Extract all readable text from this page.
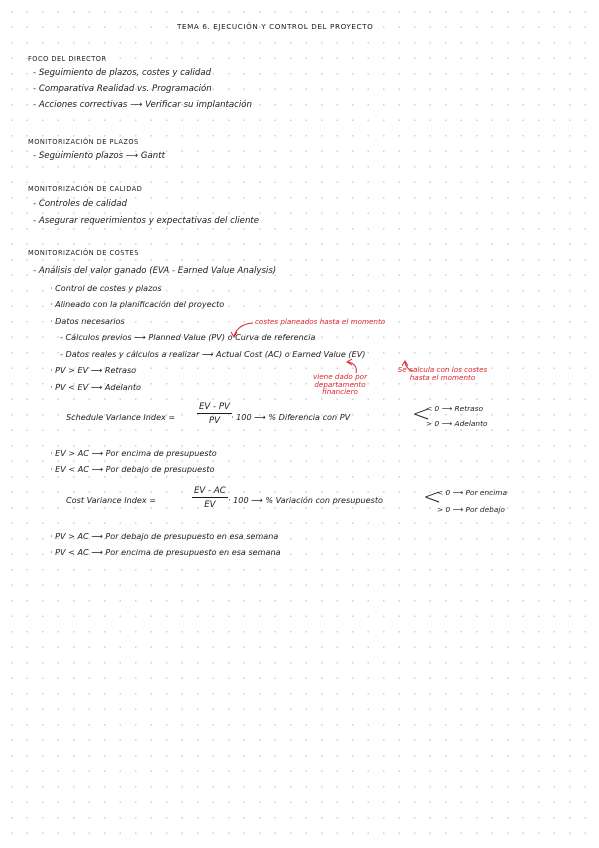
TEMA 6. EJECUCIÓN Y CONTROL DEL PROYECTO
FOCO DEL DIRECTOR
- Seguimiento de plazos, costes y calidad
- Comparativa Realidad vs. Programación
- Acciones correctivas ⟶ Verificar su implantación
MONITORIZACIÓN DE PLAZOS
- Seguimiento plazos ⟶ Gantt
MONITORIZACIÓN DE CALIDAD
- Controles de calidad
- Asegurar requerimientos y expectativas del cliente
MONITORIZACIÓN DE COSTES
- Análisis del valor ganado (EVA - Earned Value Analysis)
· Control de costes y plazos
· Alineado con la planificación del proyecto
· Datos necesarios
- Cálculos previos ⟶ Planned Value (PV) o Curva de referencia
- Datos reales y cálculos a realizar ⟶ Actual Cost (AC) o Earned Value (EV)
costes planeados hasta el momento
viene dado por departamento financiero
Se calcula con los costes hasta el momento
· PV > EV ⟶ Retraso
· PV < EV ⟶ Adelanto
Schedule Variance Index =	$\frac{EV - PV}{PV} \cdot 100$ ⟶ % Diferencia con PV	<
< 0 ⟶ Retraso
> 0 ⟶ Adelanto
· EV > AC ⟶ Por encima de presupuesto
· EV < AC ⟶ Por debajo de presupuesto
Cost Variance Index =	$\frac{EV - AC}{EV} \cdot 100$ ⟶ % Variación con presupuesto <
< 0 ⟶ Por encima
> 0 ⟶ Por debajo
· PV > AC ⟶ Por debajo de presupuesto en esa semana
· PV < AC ⟶ Por encima de presupuesto en esa semana
